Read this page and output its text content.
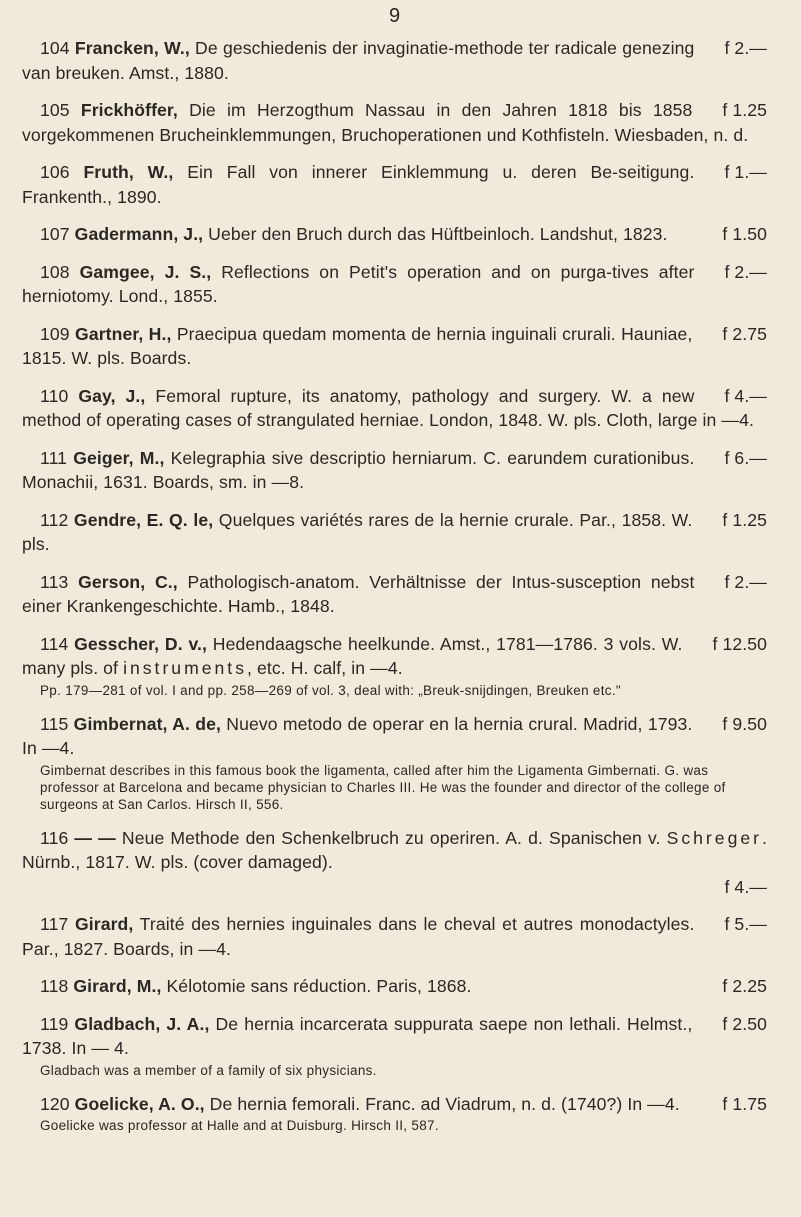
9

f 2.—
104 Francken, W., De geschiedenis der invaginatie-methode ter radicale genezing van breuken. Amst., 1880.

f 1.25
105 Frickhöffer, Die im Herzogthum Nassau in den Jahren 1818 bis 1858 vorgekommenen Brucheinklemmungen, Bruchoperationen und Kothfisteln. Wiesbaden, n. d.

f 1.—
106 Fruth, W., Ein Fall von innerer Einklemmung u. deren Be-seitigung. Frankenth., 1890.

f 1.50
107 Gadermann, J., Ueber den Bruch durch das Hüftbeinloch. Landshut, 1823.

f 2.—
108 Gamgee, J. S., Reflections on Petit's operation and on purga-tives after herniotomy. Lond., 1855.

f 2.75
109 Gartner, H., Praecipua quedam momenta de hernia inguinali crurali. Hauniae, 1815. W. pls. Boards.

f 4.—
110 Gay, J., Femoral rupture, its anatomy, pathology and surgery. W. a new method of operating cases of strangulated herniae. London, 1848. W. pls. Cloth, large in —4.

f 6.—
111 Geiger, M., Kelegraphia sive descriptio herniarum. C. earundem curationibus. Monachii, 1631. Boards, sm. in —8.

f 1.25
112 Gendre, E. Q. le, Quelques variétés rares de la hernie crurale. Par., 1858. W. pls.

f 2.—
113 Gerson, C., Pathologisch-anatom. Verhältnisse der Intus-susception nebst einer Krankengeschichte. Hamb., 1848.

f 12.50
114 Gesscher, D. v., Hedendaagsche heelkunde. Amst., 1781—1786. 3 vols. W. many pls. of instruments, etc. H. calf, in —4.

Pp. 179—281 of vol. I and pp. 258—269 of vol. 3, deal with: „Breuk-snijdingen, Breuken etc."

f 9.50
115 Gimbernat, A. de, Nuevo metodo de operar en la hernia crural. Madrid, 1793. In —4.

Gimbernat describes in this famous book the ligamenta, called after him the Ligamenta Gimbernati. G. was professor at Barcelona and became physician to Charles III. He was the founder and director of the college of surgeons at San Carlos. Hirsch II, 556.

116 — — Neue Methode den Schenkelbruch zu operiren. A. d. Spanischen v. Schreger. Nürnb., 1817. W. pls. (cover damaged).
f 4.—

f 5.—
117 Girard, Traité des hernies inguinales dans le cheval et autres monodactyles. Par., 1827. Boards, in —4.

f 2.25
118 Girard, M., Kélotomie sans réduction. Paris, 1868.

f 2.50
119 Gladbach, J. A., De hernia incarcerata suppurata saepe non lethali. Helmst., 1738. In — 4.

Gladbach was a member of a family of six physicians.

f 1.75
120 Goelicke, A. O., De hernia femorali. Franc. ad Viadrum, n. d. (1740?) In —4.

Goelicke was professor at Halle and at Duisburg. Hirsch II, 587.
